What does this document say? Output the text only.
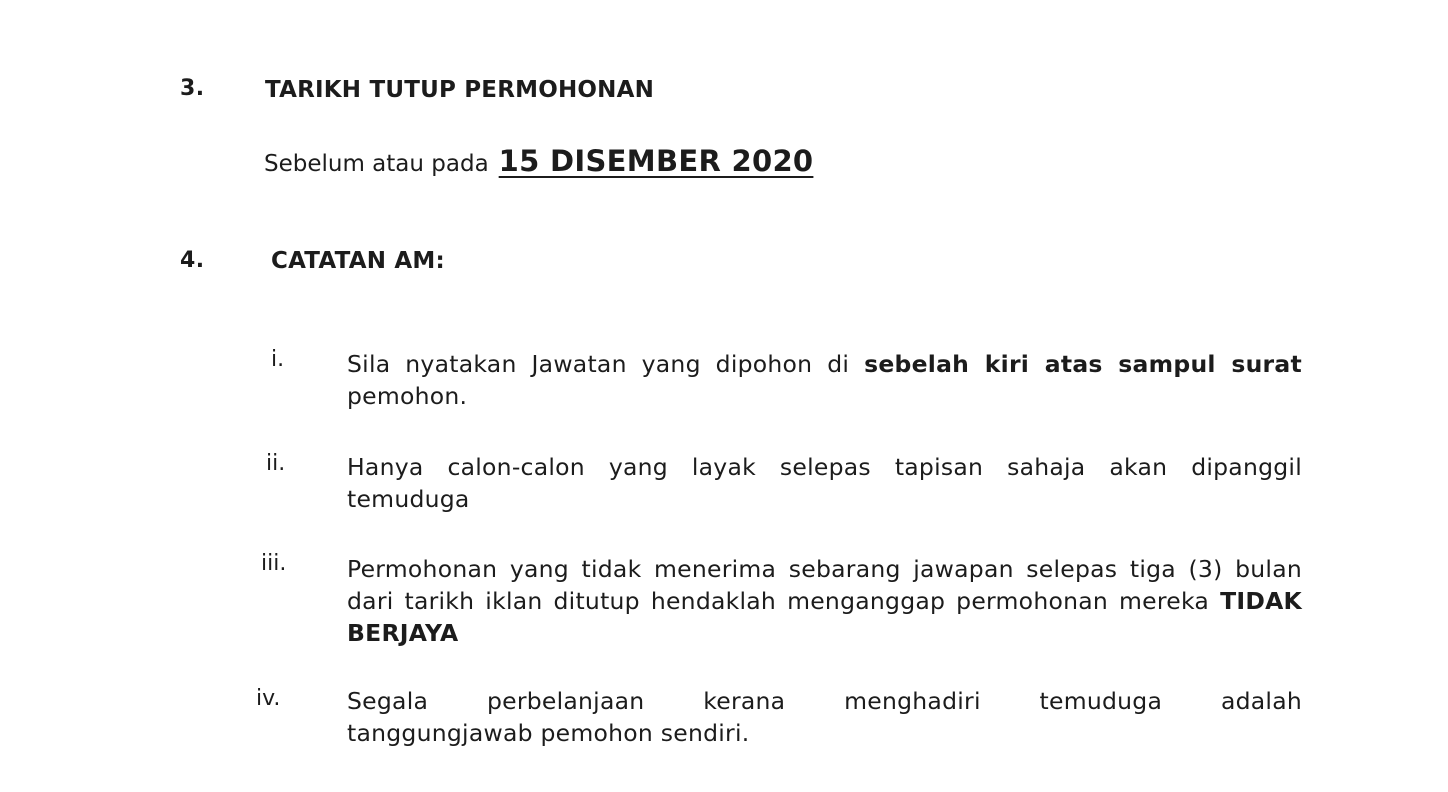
3.	TARIKH TUTUP PERMOHONAN
Sebelum atau pada 15 DISEMBER 2020
4.	CATATAN AM:
i.	Sila nyatakan Jawatan yang dipohon di sebelah kiri atas sampul surat pemohon.
ii.	Hanya calon-calon yang layak selepas tapisan sahaja akan dipanggil temuduga
iii.	Permohonan yang tidak menerima sebarang jawapan selepas tiga (3) bulan dari tarikh iklan ditutup hendaklah menganggap permohonan mereka TIDAK BERJAYA
iv.	Segala perbelanjaan kerana menghadiri temuduga adalah
tanggungjawab pemohon sendiri.
